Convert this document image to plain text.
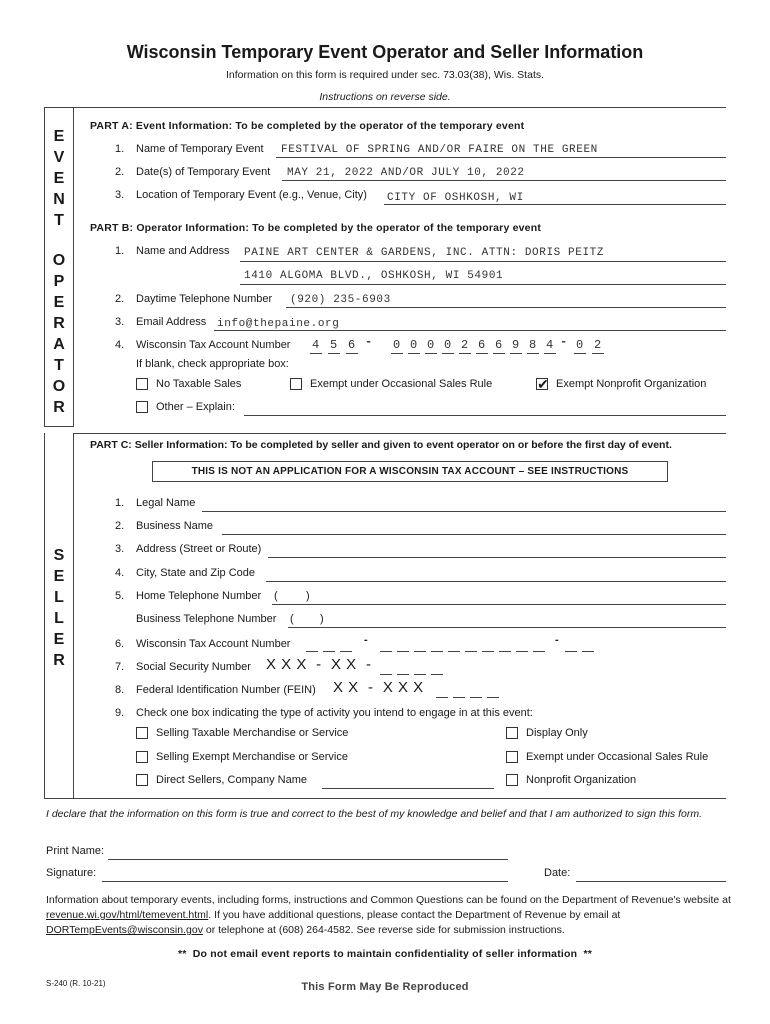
Wisconsin Temporary Event Operator and Seller Information
Information on this form is required under sec. 73.03(38), Wis. Stats.
Instructions on reverse side.
E
V
E
N
T
O
P
E
R
A
T
O
R
S
E
L
L
E
R
PART A: Event Information: To be completed by the operator of the temporary event
1. Name of Temporary Event FESTIVAL OF SPRING AND/OR FAIRE ON THE GREEN
2. Date(s) of Temporary Event MAY 21, 2022 AND/OR JULY 10, 2022
3. Location of Temporary Event (e.g., Venue, City) CITY OF OSHKOSH, WI
PART B: Operator Information: To be completed by the operator of the temporary event
1. Name and Address PAINE ART CENTER & GARDENS, INC. ATTN: DORIS PEITZ
1410 ALGOMA BLVD., OSHKOSH, WI 54901
2. Daytime Telephone Number (920) 235-6903
3. Email Address info@thepaine.org
4. Wisconsin Tax Account Number 4 5 6 - 0 0 0 0 2 6 6 9 8 4 - 0 2
If blank, check appropriate box:
No Taxable Sales	Exempt under Occasional Sales Rule	✔ Exempt Nonprofit Organization
Other – Explain:
PART C: Seller Information: To be completed by seller and given to event operator on or before the first day of event.
THIS IS NOT AN APPLICATION FOR A WISCONSIN TAX ACCOUNT – SEE INSTRUCTIONS
1. Legal Name
2. Business Name
3. Address (Street or Route)
4. City, State and Zip Code
5. Home Telephone Number (	)
Business Telephone Number ( )
6. Wisconsin Tax Account Number	-	-
7. Social Security Number X X X  -  X X  -
8. Federal Identification Number (FEIN) X X  -  X X X
9. Check one box indicating the type of activity you intend to engage in at this event:
Selling Taxable Merchandise or Service	Display Only
Selling Exempt Merchandise or Service	Exempt under Occasional Sales Rule
Direct Sellers, Company Name	Nonprofit Organization
I declare that the information on this form is true and correct to the best of my knowledge and belief and that I am authorized to sign this form.
Print Name:
Signature:	Date:
Information about temporary events, including forms, instructions and Common Questions can be found on the Department of Revenue's website at revenue.wi.gov/html/temevent.html. If you have additional questions, please contact the Department of Revenue by email at DORTempEvents@wisconsin.gov or telephone at (608) 264-4582. See reverse side for submission instructions.
**  Do not email event reports to maintain confidentiality of seller information  **
S-240 (R. 10-21)	This Form May Be Reproduced
